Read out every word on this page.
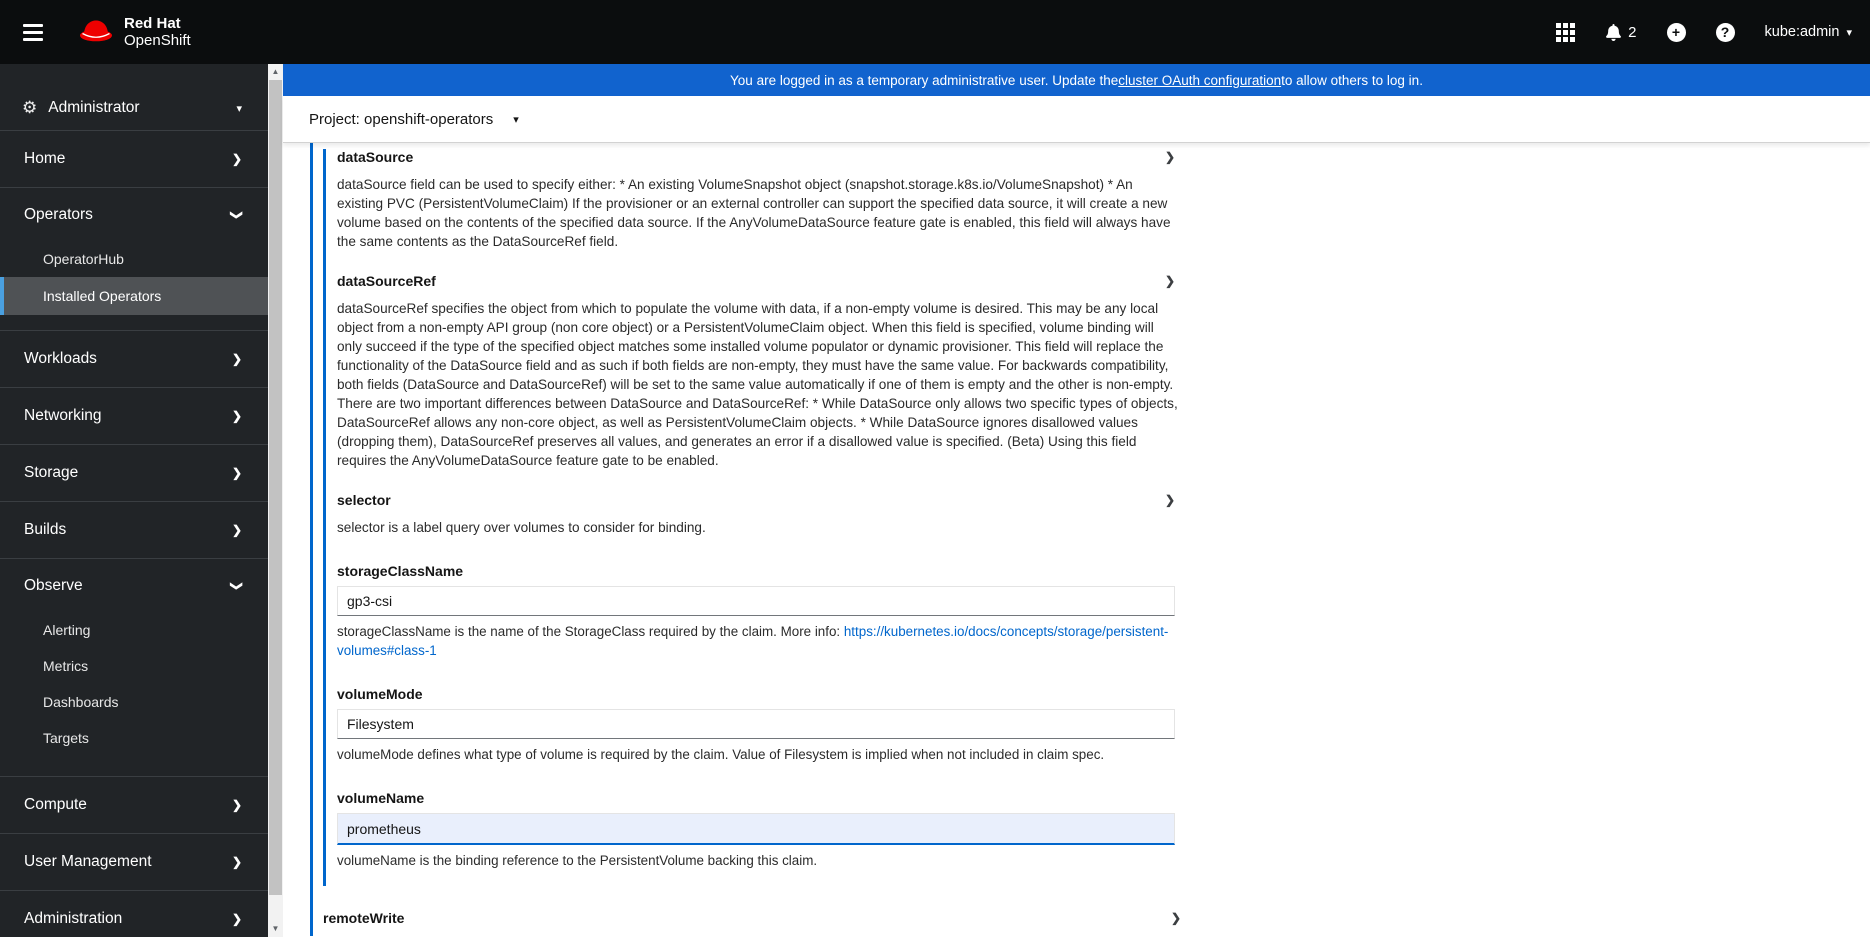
Red Hat
OpenShift	2	+	?	kube:admin ▾
⚙ Administrator	▾
Home	❯
Operators	❯
OperatorHub
Installed Operators
Workloads	❯
Networking	❯
Storage	❯
Builds	❯
Observe	❯
Alerting
Metrics
Dashboards
Targets
Compute	❯
User Management	❯
Administration	❯
▲
▼
You are logged in as a temporary administrative user. Update the cluster OAuth configuration to allow others to log in.
Project: openshift-operators ▾
dataSource	❯

dataSource field can be used to specify either: * An existing VolumeSnapshot object (snapshot.storage.k8s.io/VolumeSnapshot) * An existing PVC (PersistentVolumeClaim) If the provisioner or an external controller can support the specified data source, it will create a new volume based on the contents of the specified data source. If the AnyVolumeDataSource feature gate is enabled, this field will always have the same contents as the DataSourceRef field.

dataSourceRef	❯

dataSourceRef specifies the object from which to populate the volume with data, if a non-empty volume is desired. This may be any local object from a non-empty API group (non core object) or a PersistentVolumeClaim object. When this field is specified, volume binding will only succeed if the type of the specified object matches some installed volume populator or dynamic provisioner. This field will replace the functionality of the DataSource field and as such if both fields are non-empty, they must have the same value. For backwards compatibility, both fields (DataSource and DataSourceRef) will be set to the same value automatically if one of them is empty and the other is non-empty. There are two important differences between DataSource and DataSourceRef: * While DataSource only allows two specific types of objects, DataSourceRef allows any non-core object, as well as PersistentVolumeClaim objects. * While DataSource ignores disallowed values (dropping them), DataSourceRef preserves all values, and generates an error if a disallowed value is specified. (Beta) Using this field requires the AnyVolumeDataSource feature gate to be enabled.

selector	❯

selector is a label query over volumes to consider for binding.

storageClassName
gp3-csi

storageClassName is the name of the StorageClass required by the claim. More info: https://kubernetes.io/docs/concepts/storage/persistent-volumes#class-1

volumeMode
Filesystem

volumeMode defines what type of volume is required by the claim. Value of Filesystem is implied when not included in claim spec.

volumeName
prometheus

volumeName is the binding reference to the PersistentVolume backing this claim.

remoteWrite	❯
